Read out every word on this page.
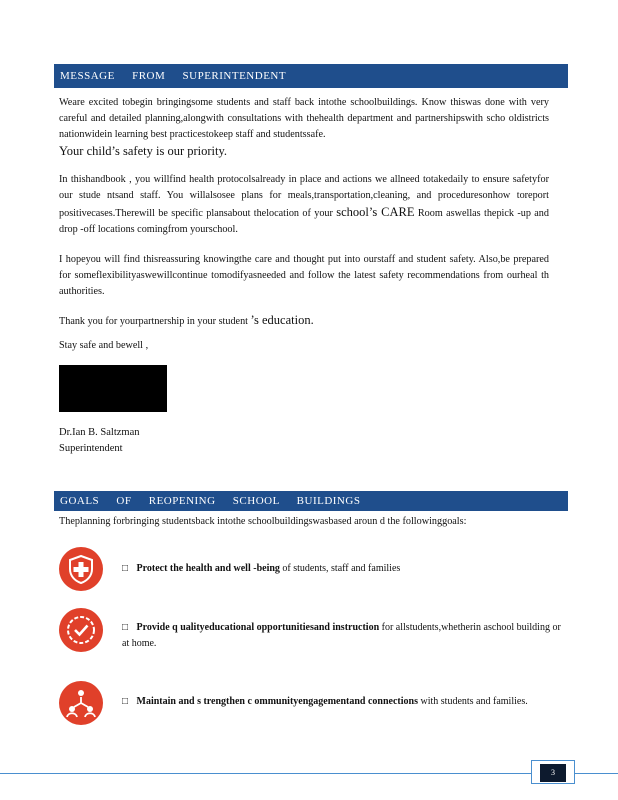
MESSAGE FROM SUPERINTENDENT
Weare excited tobegin bringingsome students and staff back intothe schoolbuildings. Know thiswas done with very careful and detailed planning,alongwith consultations with thehealth department and partnershipswith scho oldistricts nationwidein learning best practicestokeep staff and studentssafe.
Your child’s safety is our priority.
In thishandbook , you willfind health protocolsalready in place and actions we allneed totakedaily to ensure safetyfor our stude ntsand staff. You willalsosee plans for meals,transportation,cleaning, and proceduresonhow toreport positivecases.Therewill be specific plansabout thelocation of your school’s CARE Room aswellas thepick -up and drop -off locations comingfrom yourschool.
I hopeyou will find thisreassuring knowingthe care and thought put into ourstaff and student safety. Also,be prepared for someflexibilityaswewillcontinue tomodifyasneeded and follow the latest safety recommendations from ourheal th authorities.
Thank you for yourpartnership in your student ’s education.
Stay safe and bewell ,
Dr.Ian B. Saltzman
Superintendent
GOALS OF REOPENING SCHOOL BUILDINGS
Theplanning forbringing studentsback intothe schoolbuildingswasbased aroun d the followinggoals:
□ Protect the health and well -being of students, staff and families
□ Provide q ualityeducational opportunitiesand instruction for allstudents,whetherin aschool building or at home.
□ Maintain and s trengthen c ommunityengagementand connections with students and families.
3
